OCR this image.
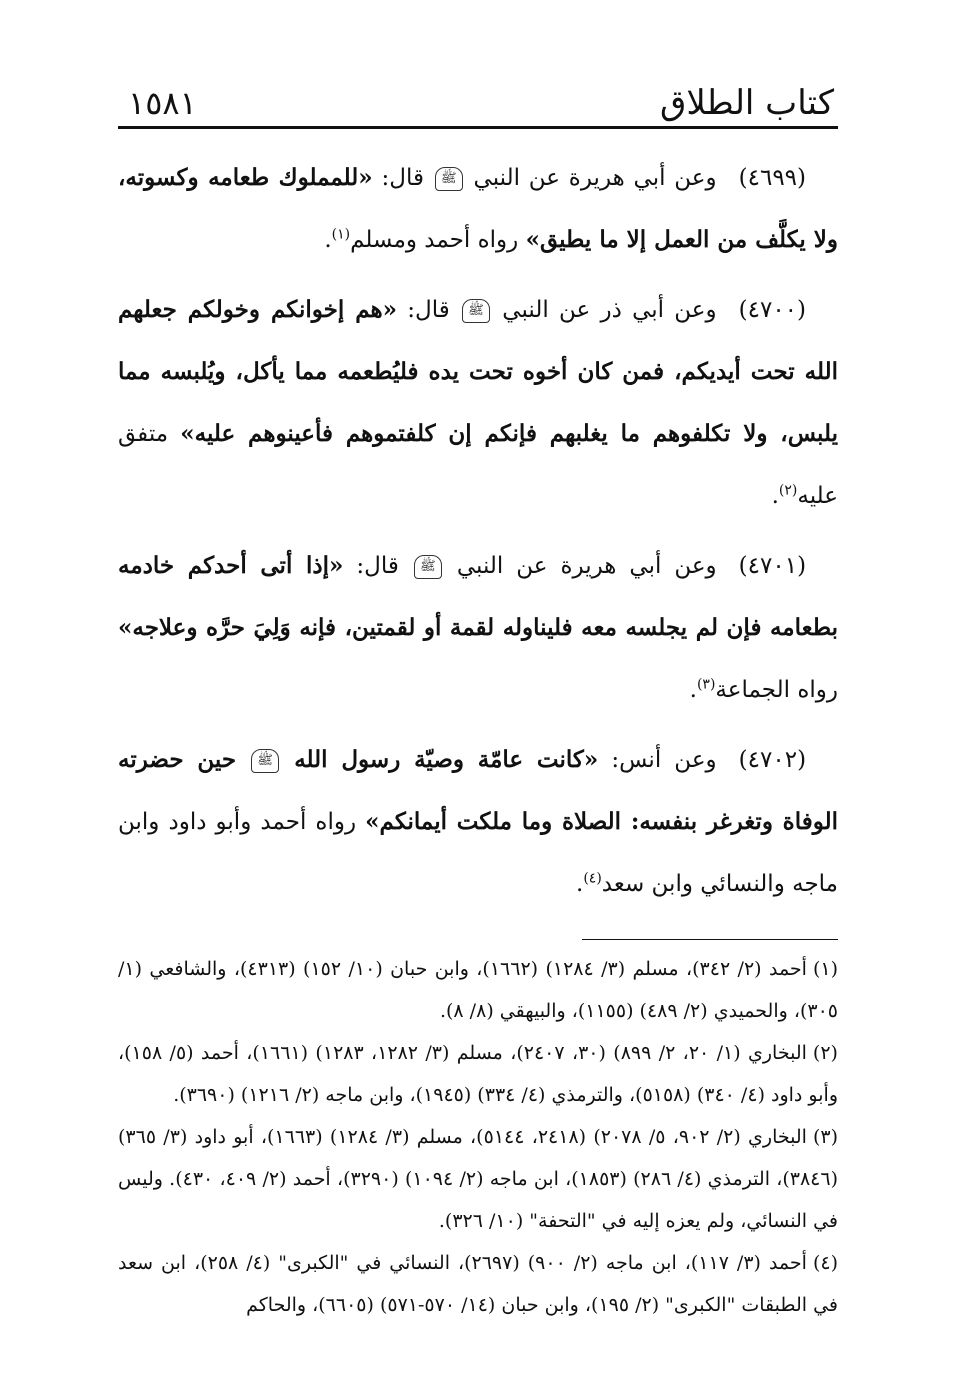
كتاب الطلاق
١٥٨١

(٤٦٩٩)وعن أبي هريرة عن النبي ﷺ قال: «للمملوك طعامه وكسوته، ولا يكلَّف من العمل إلا ما يطيق» رواه أحمد ومسلم$^{(١)}$.

(٤٧٠٠)وعن أبي ذر عن النبي ﷺ قال: «هم إخوانكم وخولكم جعلهم الله تحت أيديكم، فمن كان أخوه تحت يده فليُطعمه مما يأكل، ويُلبسه مما يلبس، ولا تكلفوهم ما يغلبهم فإنكم إن كلفتموهم فأعينوهم عليه» متفق عليه$^{(٢)}$.

(٤٧٠١)وعن أبي هريرة عن النبي ﷺ قال: «إذا أتى أحدكم خادمه بطعامه فإن لم يجلسه معه فليناوله لقمة أو لقمتين، فإنه وَلِيَ حرَّه وعلاجه» رواه الجماعة$^{(٣)}$.

(٤٧٠٢)وعن أنس: «كانت عامّة وصيّة رسول الله ﷺ حين حضرته الوفاة وتغرغر بنفسه: الصلاة وما ملكت أيمانكم» رواه أحمد وأبو داود وابن ماجه والنسائي وابن سعد$^{(٤)}$.

(١)أحمد (٢/ ٣٤٢)، مسلم (٣/ ١٢٨٤) (١٦٦٢)، وابن حبان (١٠/ ١٥٢) (٤٣١٣)، والشافعي (١/ ٣٠٥)، والحميدي (٢/ ٤٨٩) (١١٥٥)، والبيهقي (٨/ ٨).

(٢)البخاري (١/ ٢٠، ٢/ ٨٩٩) (٣٠، ٢٤٠٧)، مسلم (٣/ ١٢٨٢، ١٢٨٣) (١٦٦١)، أحمد (٥/ ١٥٨)، وأبو داود (٤/ ٣٤٠) (٥١٥٨)، والترمذي (٤/ ٣٣٤) (١٩٤٥)، وابن ماجه (٢/ ١٢١٦) (٣٦٩٠).

(٣)البخاري (٢/ ٩٠٢، ٥/ ٢٠٧٨) (٢٤١٨، ٥١٤٤)، مسلم (٣/ ١٢٨٤) (١٦٦٣)، أبو داود (٣/ ٣٦٥) (٣٨٤٦)، الترمذي (٤/ ٢٨٦) (١٨٥٣)، ابن ماجه (٢/ ١٠٩٤) (٣٢٩٠)، أحمد (٢/ ٤٠٩، ٤٣٠). وليس في النسائي، ولم يعزه إليه في "التحفة" (١٠/ ٣٢٦).

(٤)أحمد (٣/ ١١٧)، ابن ماجه (٢/ ٩٠٠) (٢٦٩٧)، النسائي في "الكبرى" (٤/ ٢٥٨)، ابن سعد في الطبقات "الكبرى" (٢/ ١٩٥)، وابن حبان (١٤/ ٥٧٠-٥٧١) (٦٦٠٥)، والحاكم
